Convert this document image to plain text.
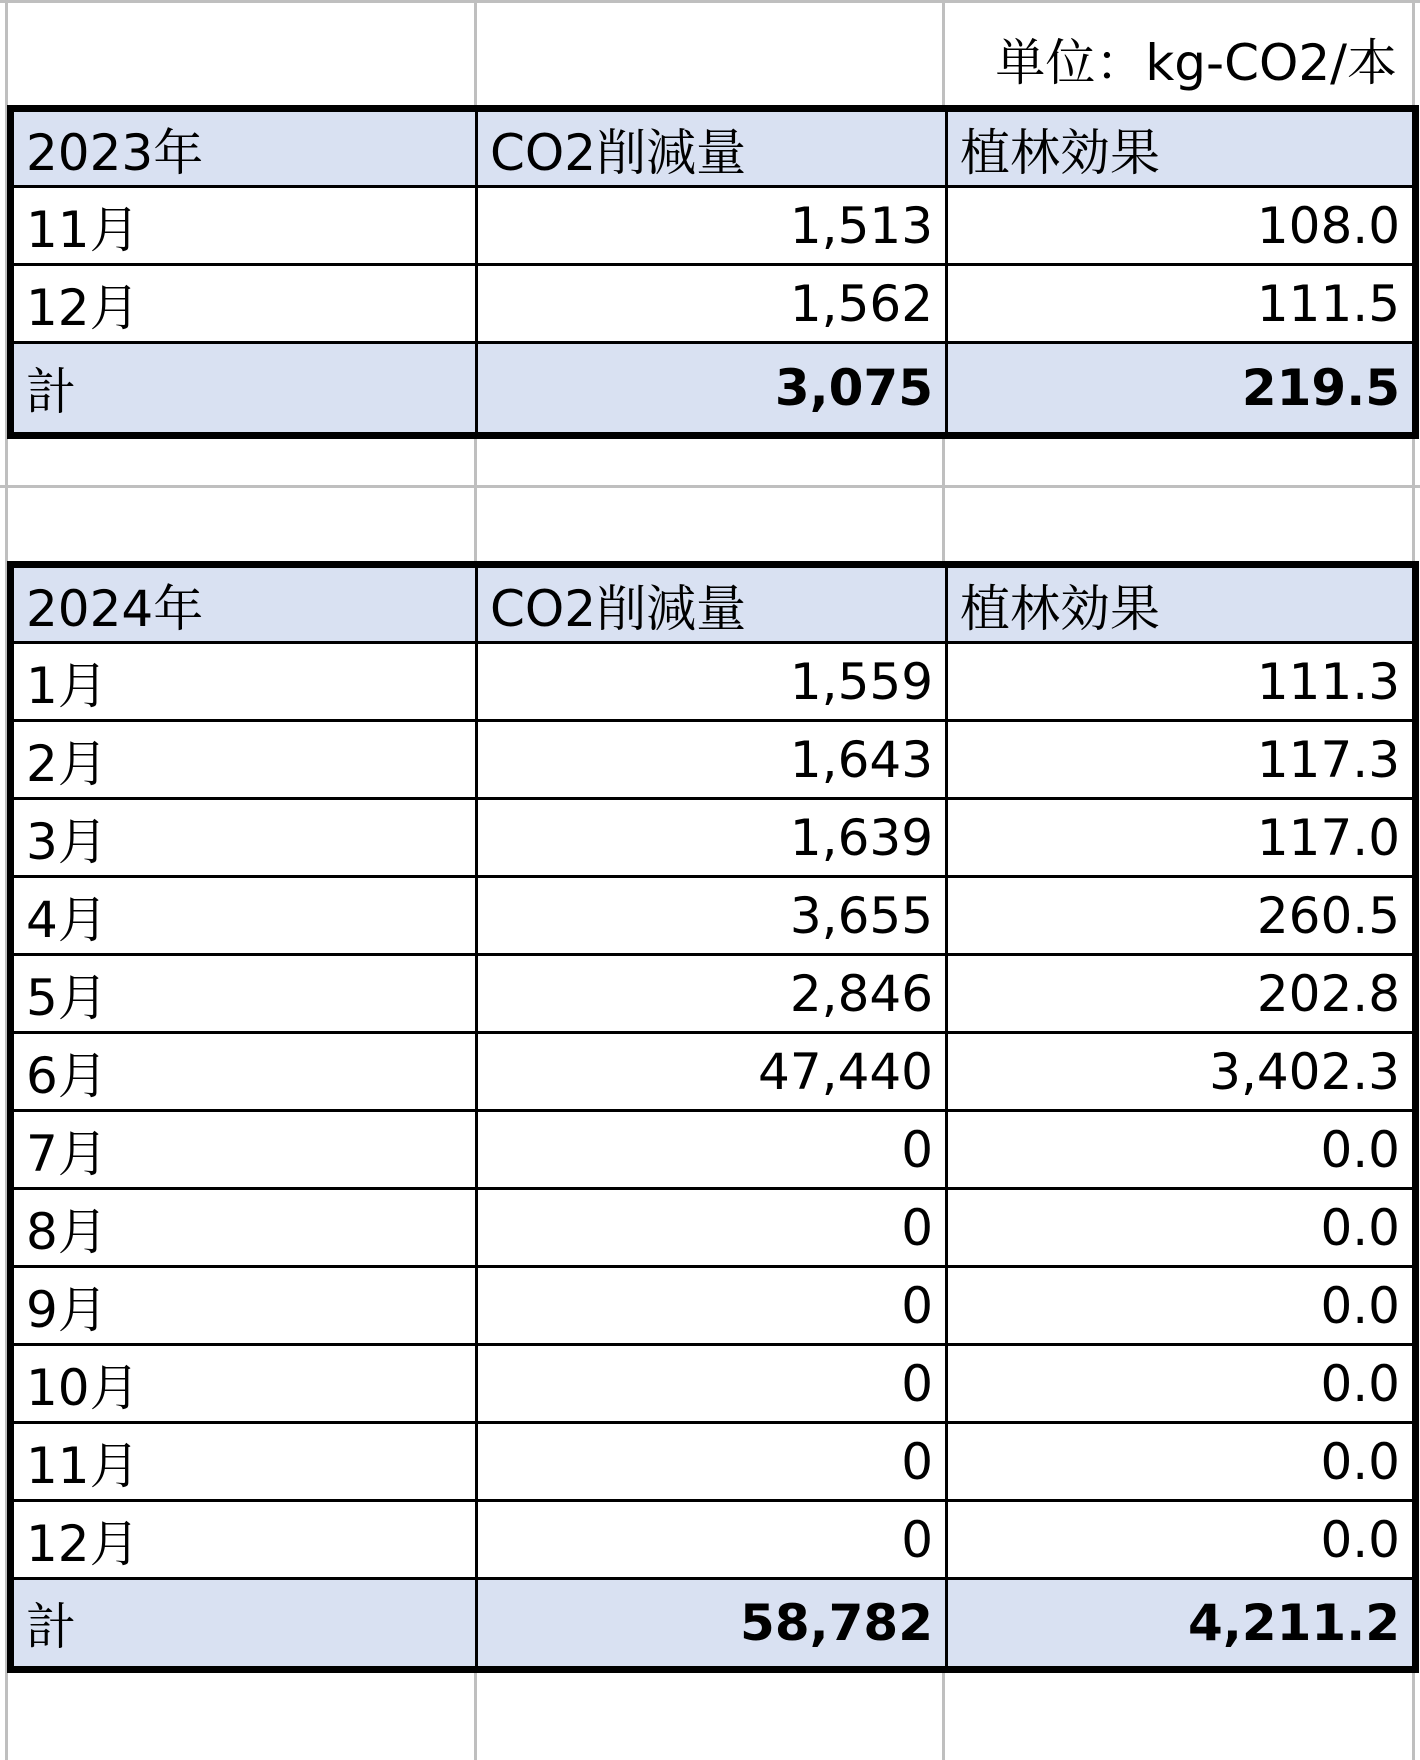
単位：kg-CO2/本
2023年	CO2削減量	植林効果
11月	1,513	108.0
12月	1,562	111.5
計	3,075	219.5
2024年	CO2削減量	植林効果
1月	1,559	111.3
2月	1,643	117.3
3月	1,639	117.0
4月	3,655	260.5
5月	2,846	202.8
6月	47,440	3,402.3
7月	0	0.0
8月	0	0.0
9月	0	0.0
10月	0	0.0
11月	0	0.0
12月	0	0.0
計	58,782	4,211.2
